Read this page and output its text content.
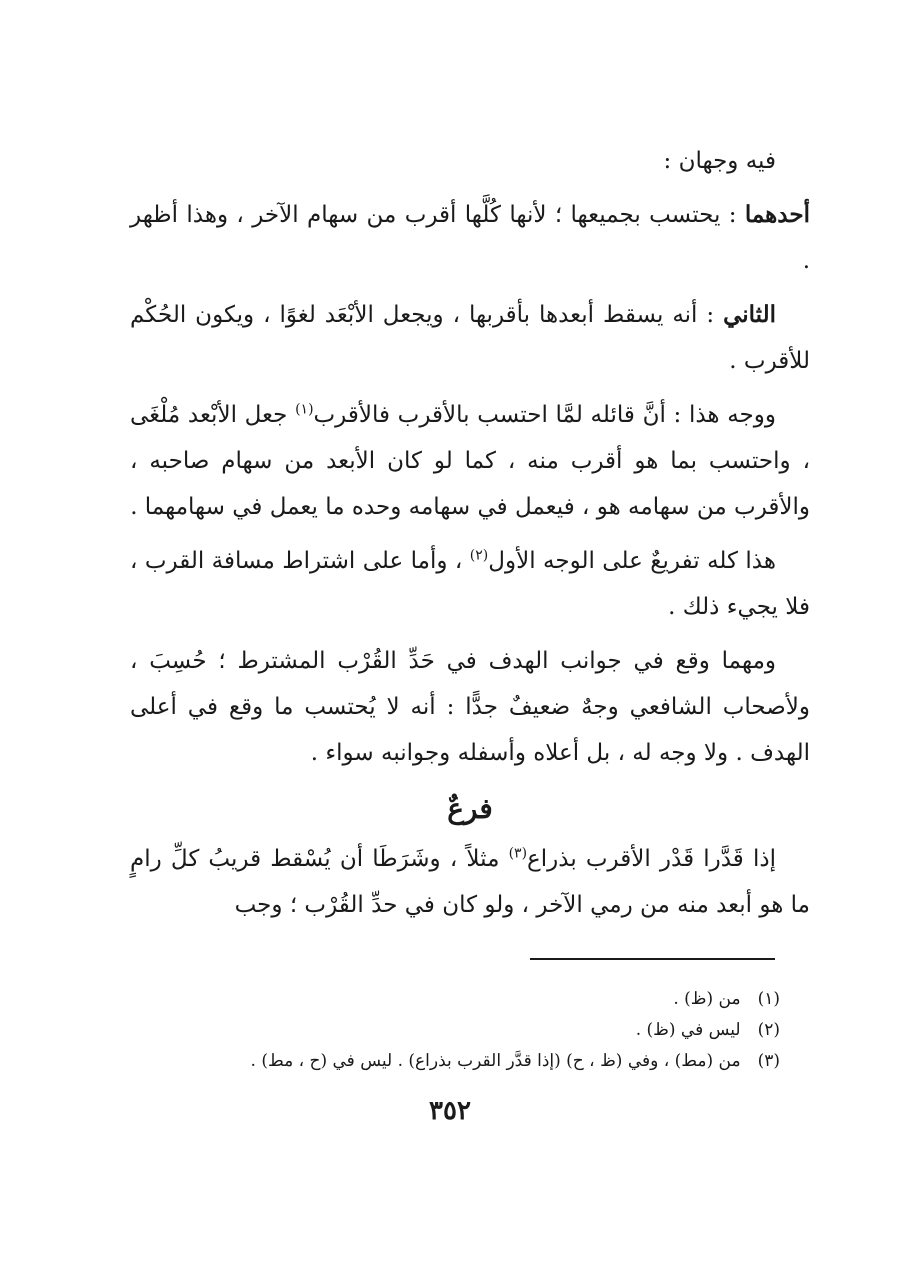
فيه وجهان :

أحدهما : يحتسب بجميعها ؛ لأنها كُلَّها أقرب من سهام الآخر ، وهذا أظهر .

الثاني : أنه يسقط أبعدها بأقربها ، ويجعل الأبْعَد لغوًا ، ويكون الحُكْم للأقرب .

ووجه هذا : أنَّ قائله لمَّا احتسب بالأقرب فالأقرب$^{(١)}$ جعل الأبْعد مُلْغَى ، واحتسب بما هو أقرب منه ، كما لو كان الأبعد من سهام صاحبه ، والأقرب من سهامه هو ، فيعمل في سهامه وحده ما يعمل في سهامهما .

هذا كله تفريعٌ على الوجه الأول$^{(٢)}$ ، وأما على اشتراط مسافة القرب ، فلا يجيء ذلك .

ومهما وقع في جوانب الهدف في حَدِّ القُرْب المشترط ؛ حُسِبَ ، ولأصحاب الشافعي وجهٌ ضعيفٌ جدًّا : أنه لا يُحتسب ما وقع في أعلى الهدف . ولا وجه له ، بل أعلاه وأسفله وجوانبه سواء .

فرعٌ

إذا قَدَّرا قَدْر الأقرب بذراع$^{(٣)}$ مثلاً ، وشَرَطَا أن يُسْقط قريبُ كلِّ رامٍ ما هو أبعد منه من رمي الآخر ، ولو كان في حدِّ القُرْب ؛ وجب

(١) من (ظ) .
(٢) ليس في (ظ) .
(٣) من (مط) ، وفي (ظ ، ح) (إذا قدَّر القرب بذراع) . ليس في (ح ، مط) .
٣٥٢
